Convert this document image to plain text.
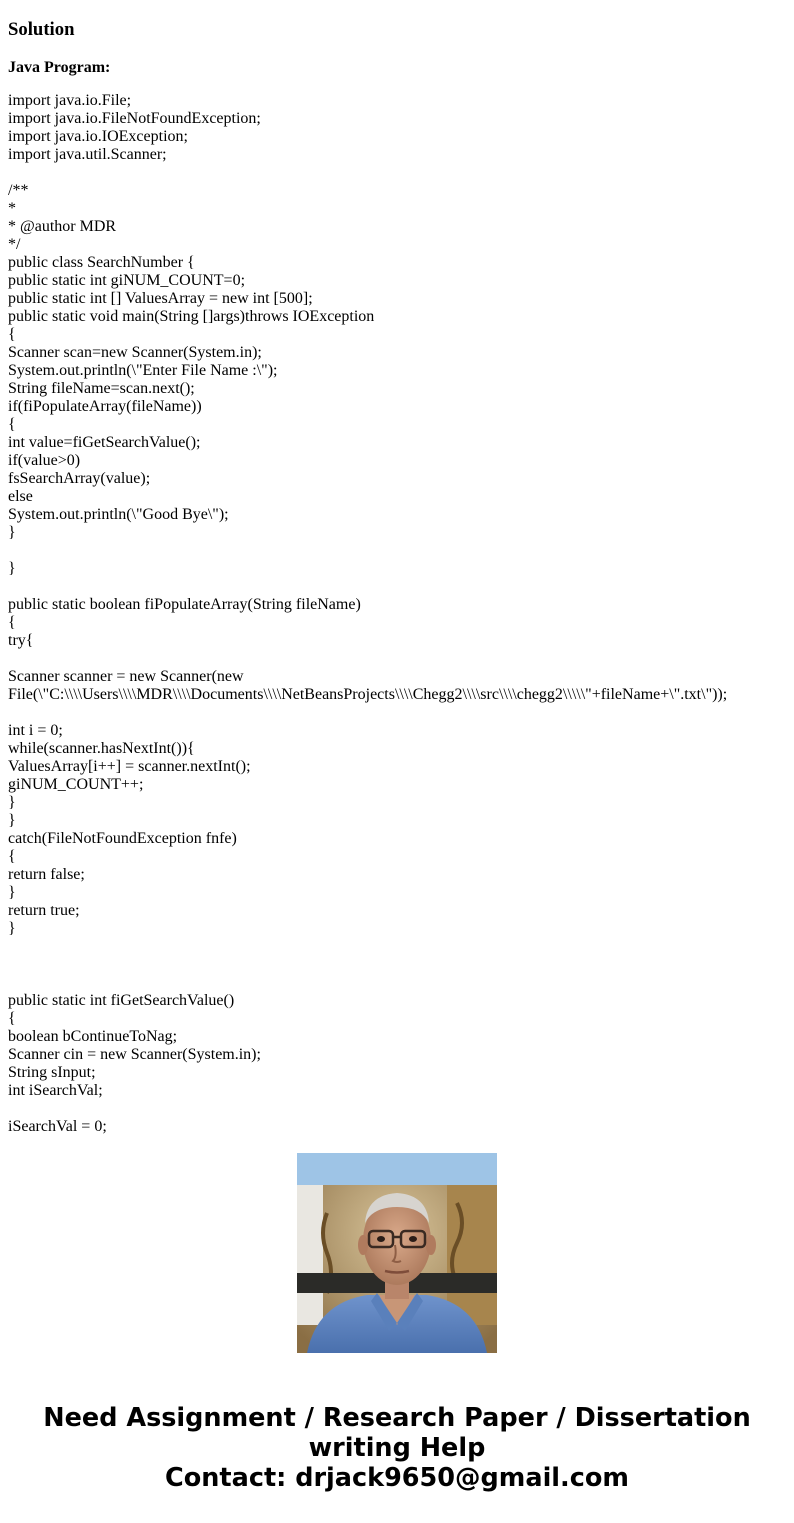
Solution

Java Program:

import java.io.File;
import java.io.FileNotFoundException;
import java.io.IOException;
import java.util.Scanner;
/**
*
* @author MDR
*/
public class SearchNumber {
public static int giNUM_COUNT=0;
public static int [] ValuesArray = new int [500];
public static void main(String []args)throws IOException
{
Scanner scan=new Scanner(System.in);
System.out.println(\"Enter File Name :\");
String fileName=scan.next();
if(fiPopulateArray(fileName))
{
int value=fiGetSearchValue();
if(value>0)
fsSearchArray(value);
else
System.out.println(\"Good Bye\");
}
}
public static boolean fiPopulateArray(String fileName)
{
try{
Scanner scanner = new Scanner(new
File(\"C:\\\\Users\\\\MDR\\\\Documents\\\\NetBeansProjects\\\\Chegg2\\\\src\\\\chegg2\\\\\"+fileName+\".txt\"));
int i = 0;
while(scanner.hasNextInt()){
ValuesArray[i++] = scanner.nextInt();
giNUM_COUNT++;
}
}
catch(FileNotFoundException fnfe)
{
return false;
}
return true;
}
public static int fiGetSearchValue()
{
boolean bContinueToNag;
Scanner cin = new Scanner(System.in);
String sInput;
int iSearchVal;
iSearchVal = 0;
Need Assignment / Research Paper / Dissertation
writing Help
Contact: drjack9650@gmail.com
